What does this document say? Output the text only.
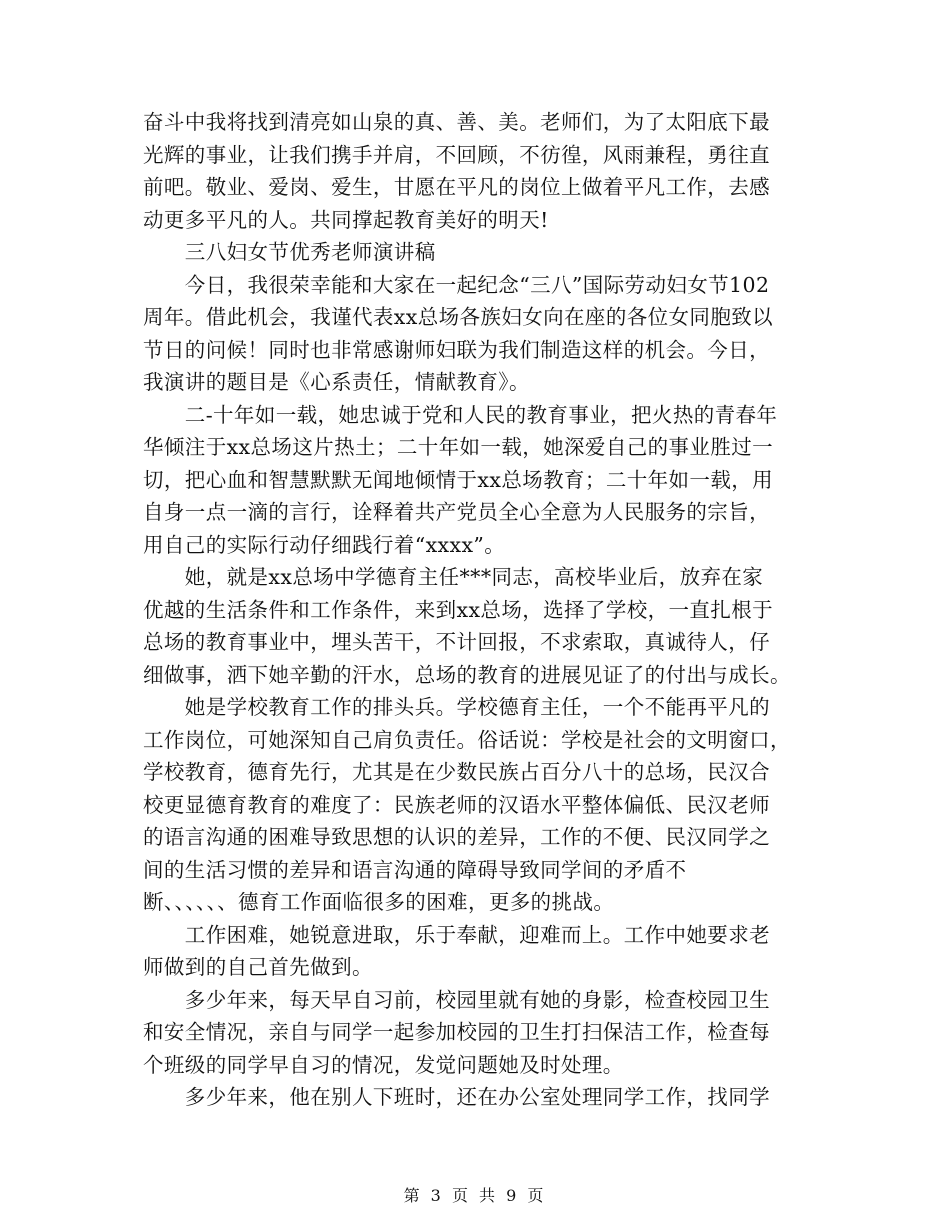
奋斗中我将找到清亮如山泉的真、善、美。老师们，为了太阳底下最
光辉的事业，让我们携手并肩，不回顾，不彷徨，风雨兼程，勇往直
前吧。敬业、爱岗、爱生，甘愿在平凡的岗位上做着平凡工作，去感
动更多平凡的人。共同撑起教育美好的明天!
　　三八妇女节优秀老师演讲稿
　　今日，我很荣幸能和大家在一起纪念“三八”国际劳动妇女节102
周年。借此机会，我谨代表xx总场各族妇女向在座的各位女同胞致以
节日的问候！同时也非常感谢师妇联为我们制造这样的机会。今日，
我演讲的题目是《心系责任，情献教育》。
　　二-十年如一载，她忠诚于党和人民的教育事业，把火热的青春年
华倾注于xx总场这片热土；二十年如一载，她深爱自己的事业胜过一
切，把心血和智慧默默无闻地倾情于xx总场教育；二十年如一载，用
自身一点一滴的言行，诠释着共产党员全心全意为人民服务的宗旨，
用自己的实际行动仔细践行着“xxxx”。
　　她，就是xx总场中学德育主任***同志，高校毕业后，放弃在家
优越的生活条件和工作条件，来到xx总场，选择了学校，一直扎根于
总场的教育事业中，埋头苦干，不计回报，不求索取，真诚待人，仔
细做事，洒下她辛勤的汗水，总场的教育的进展见证了的付出与成长。
　　她是学校教育工作的排头兵。学校德育主任，一个不能再平凡的
工作岗位，可她深知自己肩负责任。俗话说：学校是社会的文明窗口，
学校教育，德育先行，尤其是在少数民族占百分八十的总场，民汉合
校更显德育教育的难度了：民族老师的汉语水平整体偏低、民汉老师
的语言沟通的困难导致思想的认识的差异，工作的不便、民汉同学之
间的生活习惯的差异和语言沟通的障碍导致同学间的矛盾不
断、、、、、、德育工作面临很多的困难，更多的挑战。
　　工作困难，她锐意进取，乐于奉献，迎难而上。工作中她要求老
师做到的自己首先做到。
　　多少年来，每天早自习前，校园里就有她的身影，检查校园卫生
和安全情况，亲自与同学一起参加校园的卫生打扫保洁工作，检查每
个班级的同学早自习的情况，发觉问题她及时处理。
　　多少年来，他在别人下班时，还在办公室处理同学工作，找同学
第 3 页 共 9 页
